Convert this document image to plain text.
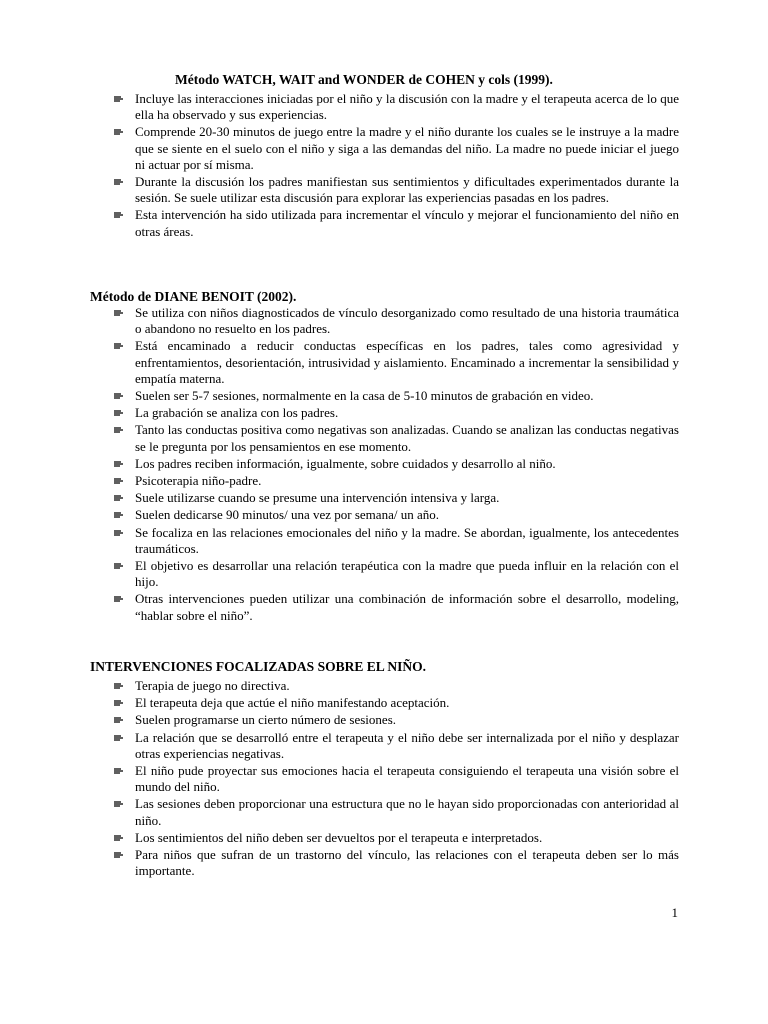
Método WATCH, WAIT and WONDER de COHEN y cols (1999).
Incluye las interacciones iniciadas por el niño y la discusión con la madre y el terapeuta acerca de lo que ella ha observado y sus experiencias.
Comprende 20-30 minutos de juego entre la madre y el niño durante los cuales se le instruye a la madre que se siente en el suelo con el niño y siga a las demandas del niño. La madre no puede iniciar el juego ni actuar por sí misma.
Durante la discusión los padres manifiestan sus sentimientos y dificultades experimentados durante la sesión. Se suele utilizar esta discusión para explorar las experiencias pasadas en los padres.
Esta intervención ha sido utilizada para incrementar el vínculo y mejorar el funcionamiento del niño en otras áreas.
Método de DIANE BENOIT (2002).
Se utiliza con niños diagnosticados de vínculo desorganizado como resultado de una historia traumática o abandono no resuelto en los padres.
Está encaminado a reducir conductas específicas en los padres, tales como agresividad y enfrentamientos, desorientación, intrusividad y aislamiento. Encaminado a incrementar la sensibilidad y empatía materna.
Suelen ser 5-7 sesiones, normalmente en la casa de 5-10 minutos de grabación en video.
La grabación se analiza con los padres.
Tanto las conductas positiva como negativas son analizadas. Cuando se analizan las conductas negativas se le pregunta por los pensamientos en ese momento.
Los padres reciben información, igualmente, sobre cuidados y desarrollo al niño.
Psicoterapia niño-padre.
Suele utilizarse cuando se presume una intervención intensiva y larga.
Suelen dedicarse 90 minutos/ una vez por semana/ un año.
Se focaliza en las relaciones emocionales del niño y la madre. Se abordan, igualmente, los antecedentes traumáticos.
El objetivo es desarrollar una relación terapéutica con la madre que pueda influir en la relación con el hijo.
Otras intervenciones pueden utilizar una combinación de información sobre el desarrollo, modeling, “hablar sobre el niño”.
INTERVENCIONES FOCALIZADAS SOBRE EL NIÑO.
Terapia de juego no directiva.
El terapeuta deja que actúe el niño manifestando aceptación.
Suelen programarse un cierto número de sesiones.
La relación que se desarrolló entre el terapeuta y el niño debe ser internalizada por el niño y desplazar otras experiencias negativas.
El niño pude proyectar sus emociones hacia el terapeuta consiguiendo el terapeuta una visión sobre el mundo del niño.
Las sesiones deben proporcionar una estructura que no le hayan sido proporcionadas con anterioridad al niño.
Los sentimientos del niño deben ser devueltos por el terapeuta e interpretados.
Para niños que sufran de un trastorno del vínculo, las relaciones con el terapeuta deben ser lo más importante.
1
